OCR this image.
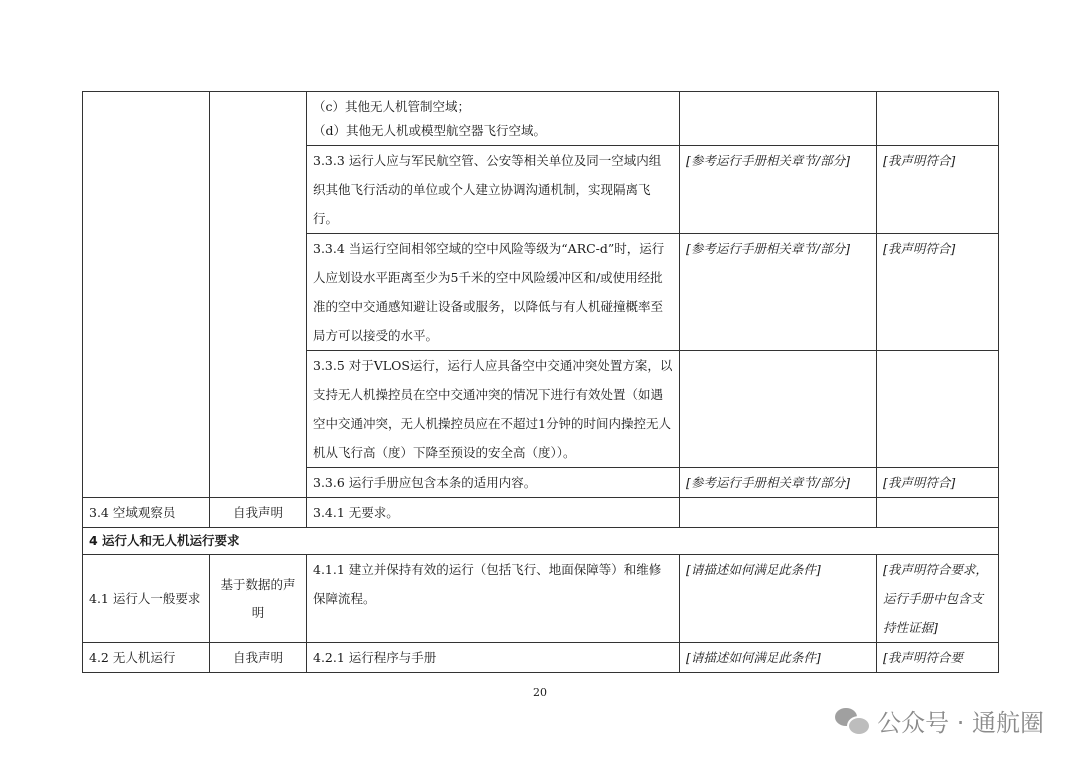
		（c）其他无人机管制空域；
（d）其他无人机或模型航空器飞行空域。		

		3.3.3 运行人应与军民航空管、公安等相关单位及同一空域内组织其他飞行活动的单位或个人建立协调沟通机制，实现隔离飞行。	[参考运行手册相关章节/部分]	[我声明符合]

		3.3.4 当运行空间相邻空域的空中风险等级为“ARC-d”时，运行人应划设水平距离至少为5千米的空中风险缓冲区和/或使用经批准的空中交通感知避让设备或服务，以降低与有人机碰撞概率至局方可以接受的水平。	[参考运行手册相关章节/部分]	[我声明符合]

		3.3.5 对于VLOS运行，运行人应具备空中交通冲突处置方案，以支持无人机操控员在空中交通冲突的情况下进行有效处置（如遇空中交通冲突，无人机操控员应在不超过1分钟的时间内操控无人机从飞行高（度）下降至预设的安全高（度））。		

		3.3.6 运行手册应包含本条的适用内容。	[参考运行手册相关章节/部分]	[我声明符合]

3.4 空域观察员	自我声明	3.4.1 无要求。		

4 运行人和无人机运行要求				

4.1 运行人一般要求	基于数据的声明	4.1.1 建立并保持有效的运行（包括飞行、地面保障等）和维修保障流程。	[请描述如何满足此条件]	[我声明符合要求，运行手册中包含支持性证据]

4.2 无人机运行	自我声明	4.2.1 运行程序与手册	[请描述如何满足此条件]	[我声明符合要
20
公众号 · 通航圈
